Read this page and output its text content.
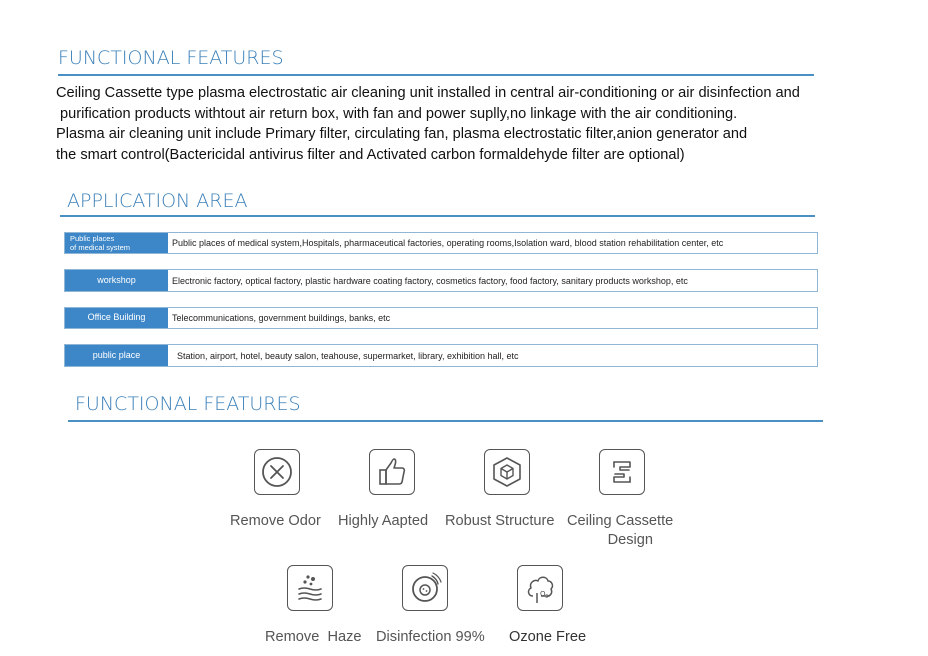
FUNCTIONAL FEATURES
Ceiling Cassette type plasma electrostatic air cleaning unit installed in central air-conditioning or air disinfection and
purification products withtout air return box, with fan and power suplly,no linkage with the air conditioning.
Plasma air cleaning unit include Primary filter, circulating fan, plasma electrostatic filter,anion generator and
the smart control(Bactericidal antivirus filter and Activated carbon formaldehyde filter are optional)
APPLICATION AREA
Public places
of medical system	Public places of medical system,Hospitals, pharmaceutical factories, operating rooms,Isolation ward, blood station rehabilitation center, etc
workshop	Electronic factory, optical factory, plastic hardware coating factory, cosmetics factory, food factory, sanitary products workshop, etc
Office Building	Telecommunications, government buildings, banks, etc
public place	Station, airport, hotel, beauty salon, teahouse, supermarket, library, exhibition hall, etc
FUNCTIONAL FEATURES
Remove Odor Highly Aapted Robust Structure Ceiling Cassette
Design
O 3
Remove  Haze Disinfection 99% Ozone Free
